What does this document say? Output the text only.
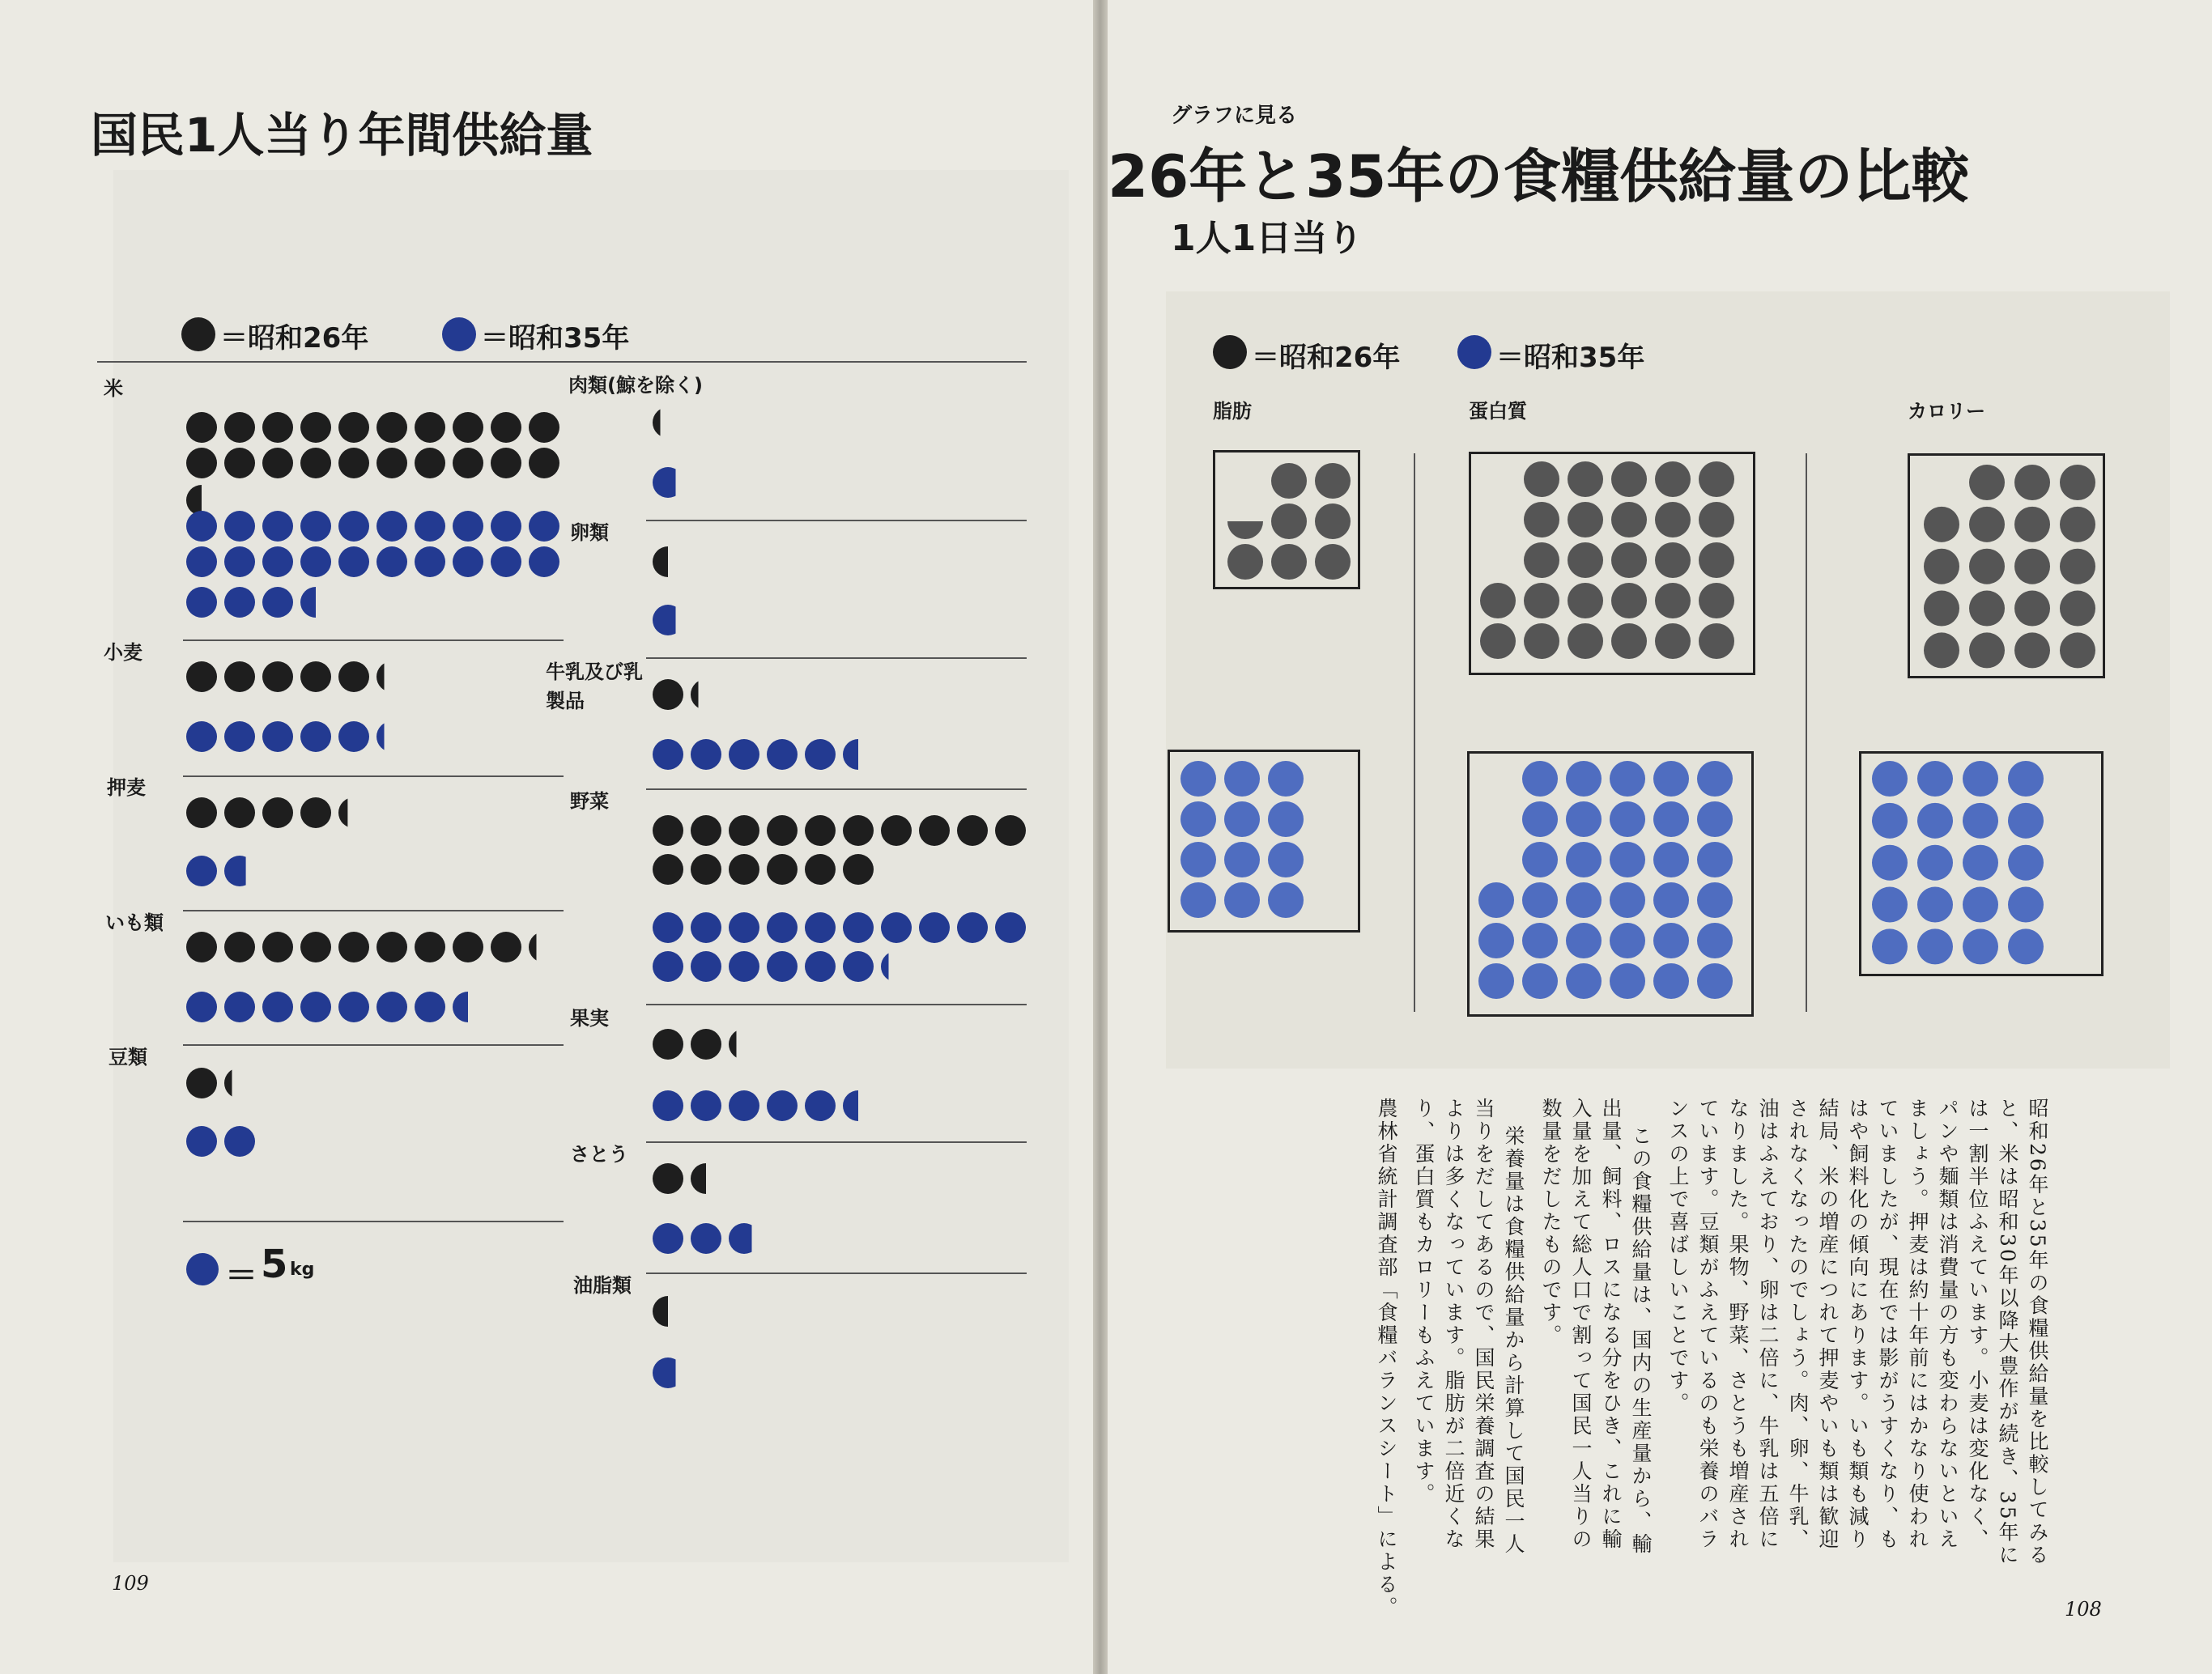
国民1人当り年間供給量
＝昭和26年	＝昭和35年
米
小麦
押麦
いも類
豆類
肉類(鯨を除く)
卵類
牛乳及び乳製品
野菜
果実
さとう
油脂類
＝ 5 kg
109
グラフに見る
26年と35年の食糧供給量の比較
1人1日当り
＝昭和26年	＝昭和35年
脂肪	蛋白質	カロリー
昭和26年と35年の食糧供給量を比較してみる
と、米は昭和30年以降大豊作が続き、35年に
は一割半位ふえています。小麦は変化なく、
パンや麺類は消費量の方も変わらないといえ
ましょう。押麦は約十年前にはかなり使われ
ていましたが、現在では影がうすくなり、も
はや飼料化の傾向にあります。いも類も減り
結局、米の増産につれて押麦やいも類は歓迎
されなくなったのでしょう。肉、卵、牛乳、
油はふえており、卵は二倍に、牛乳は五倍に
なりました。果物、野菜、さとうも増産され
ています。豆類がふえているのも栄養のバラ
ンスの上で喜ばしいことです。
この食糧供給量は、国内の生産量から、輸
出量、飼料、ロスになる分をひき、これに輸
入量を加えて総人口で割って国民一人当りの
数量をだしたものです。
栄養量は食糧供給量から計算して国民一人
当りをだしてあるので、国民栄養調査の結果
よりは多くなっています。脂肪が二倍近くな
り、蛋白質もカロリーもふえています。
農林省統計調査部「食糧バランスシート」による。	108
